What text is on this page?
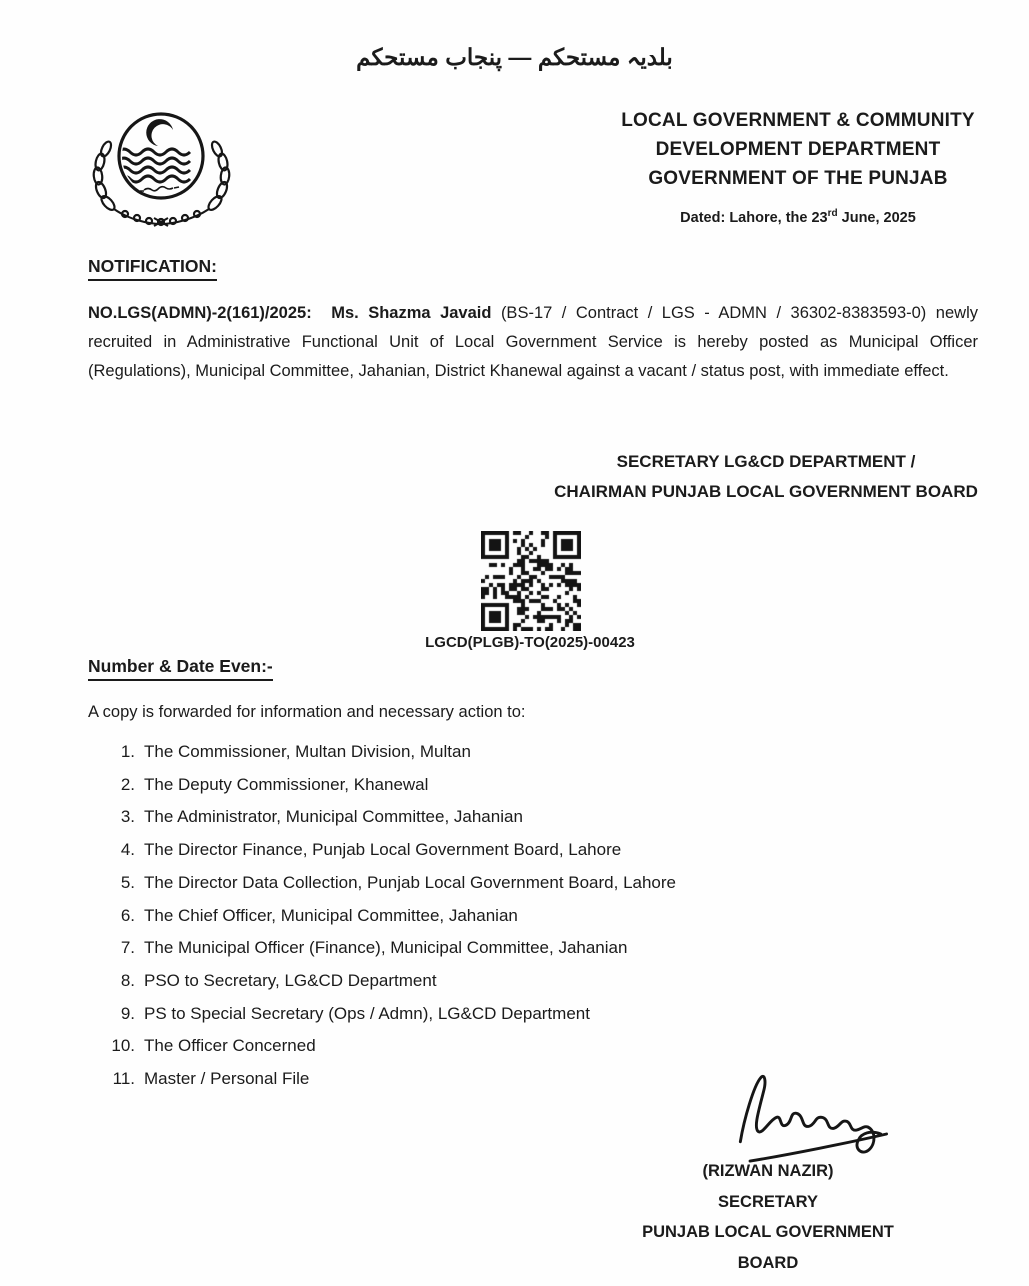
بلدیہ مستحکم — پنجاب مستحکم
LOCAL GOVERNMENT & COMMUNITY
DEVELOPMENT DEPARTMENT
GOVERNMENT OF THE PUNJAB
Dated: Lahore, the 23rd June, 2025
NOTIFICATION:
NO.LGS(ADMN)-2(161)/2025: Ms. Shazma Javaid (BS-17 / Contract / LGS - ADMN / 36302-8383593-0) newly recruited in Administrative Functional Unit of Local Government Service is hereby posted as Municipal Officer (Regulations), Municipal Committee, Jahanian, District Khanewal against a vacant / status post, with immediate effect.
SECRETARY LG&CD DEPARTMENT /
CHAIRMAN PUNJAB LOCAL GOVERNMENT BOARD
LGCD(PLGB)-TO(2025)-00423
Number & Date Even:-
A copy is forwarded for information and necessary action to:
1. The Commissioner, Multan Division, Multan
2. The Deputy Commissioner, Khanewal
3. The Administrator, Municipal Committee, Jahanian
4. The Director Finance, Punjab Local Government Board, Lahore
5. The Director Data Collection, Punjab Local Government Board, Lahore
6. The Chief Officer, Municipal Committee, Jahanian
7. The Municipal Officer (Finance), Municipal Committee, Jahanian
8. PSO to Secretary, LG&CD Department
9. PS to Special Secretary (Ops / Admn), LG&CD Department
10. The Officer Concerned
11. Master / Personal File
(RIZWAN NAZIR)
SECRETARY
PUNJAB LOCAL GOVERNMENT BOARD
